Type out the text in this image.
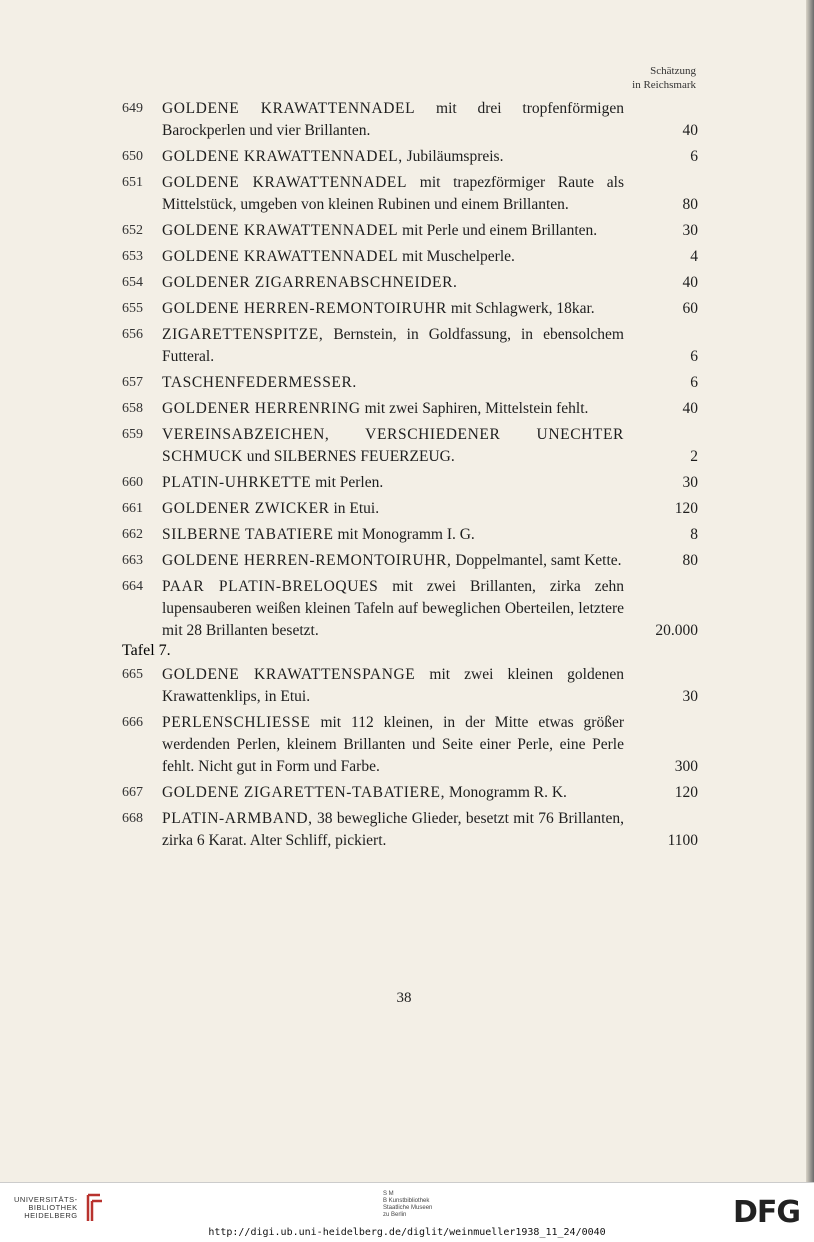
Schätzung
in Reichsmark
649	GOLDENE KRAWATTENNADEL mit drei tropfenförmigen Barockperlen und vier Brillanten.	40
650	GOLDENE KRAWATTENNADEL, Jubiläumspreis.	6
651	GOLDENE KRAWATTENNADEL mit trapezförmiger Raute als Mittelstück, umgeben von kleinen Rubinen und einem Brillanten.	80
652	GOLDENE KRAWATTENNADEL mit Perle und einem Brillanten.	30
653	GOLDENE KRAWATTENNADEL mit Muschelperle.	4
654	GOLDENER ZIGARRENABSCHNEIDER.	40
655	GOLDENE HERREN-REMONTOIRUHR mit Schlagwerk, 18kar.	60
656	ZIGARETTENSPITZE, Bernstein, in Goldfassung, in ebensolchem Futteral.	6
657	TASCHENFEDERMESSER.	6
658	GOLDENER HERRENRING mit zwei Saphiren, Mittelstein fehlt.	40
659	VEREINSABZEICHEN, VERSCHIEDENER UNECHTER SCHMUCK und SILBERNES FEUERZEUG.	2
660	PLATIN-UHRKETTE mit Perlen.	30
661	GOLDENER ZWICKER in Etui.	120
662	SILBERNE TABATIERE mit Monogramm I. G.	8
663	GOLDENE HERREN-REMONTOIRUHR, Doppelmantel, samt Kette.	80
664	PAAR PLATIN-BRELOQUES mit zwei Brillanten, zirka zehn lupensauberen weißen kleinen Tafeln auf beweglichen Oberteilen, letztere mit 28 Brillanten besetzt.	20.000
Tafel 7.
665	GOLDENE KRAWATTENSPANGE mit zwei kleinen goldenen Krawattenklips, in Etui.	30
666	PERLENSCHLIESSE mit 112 kleinen, in der Mitte etwas größer werdenden Perlen, kleinem Brillanten und Seite einer Perle, eine Perle fehlt. Nicht gut in Form und Farbe.	300
667	GOLDENE ZIGARETTEN-TABATIERE, Monogramm R. K.	120
668	PLATIN-ARMBAND, 38 bewegliche Glieder, besetzt mit 76 Brillanten, zirka 6 Karat. Alter Schliff, pickiert.	1100
38
UNIVERSITÄTS-
BIBLIOTHEK
HEIDELBERG
S M
B Kunstbibliothek
Staatliche Museen
zu Berlin	DFG
http://digi.ub.uni-heidelberg.de/diglit/weinmueller1938_11_24/0040
